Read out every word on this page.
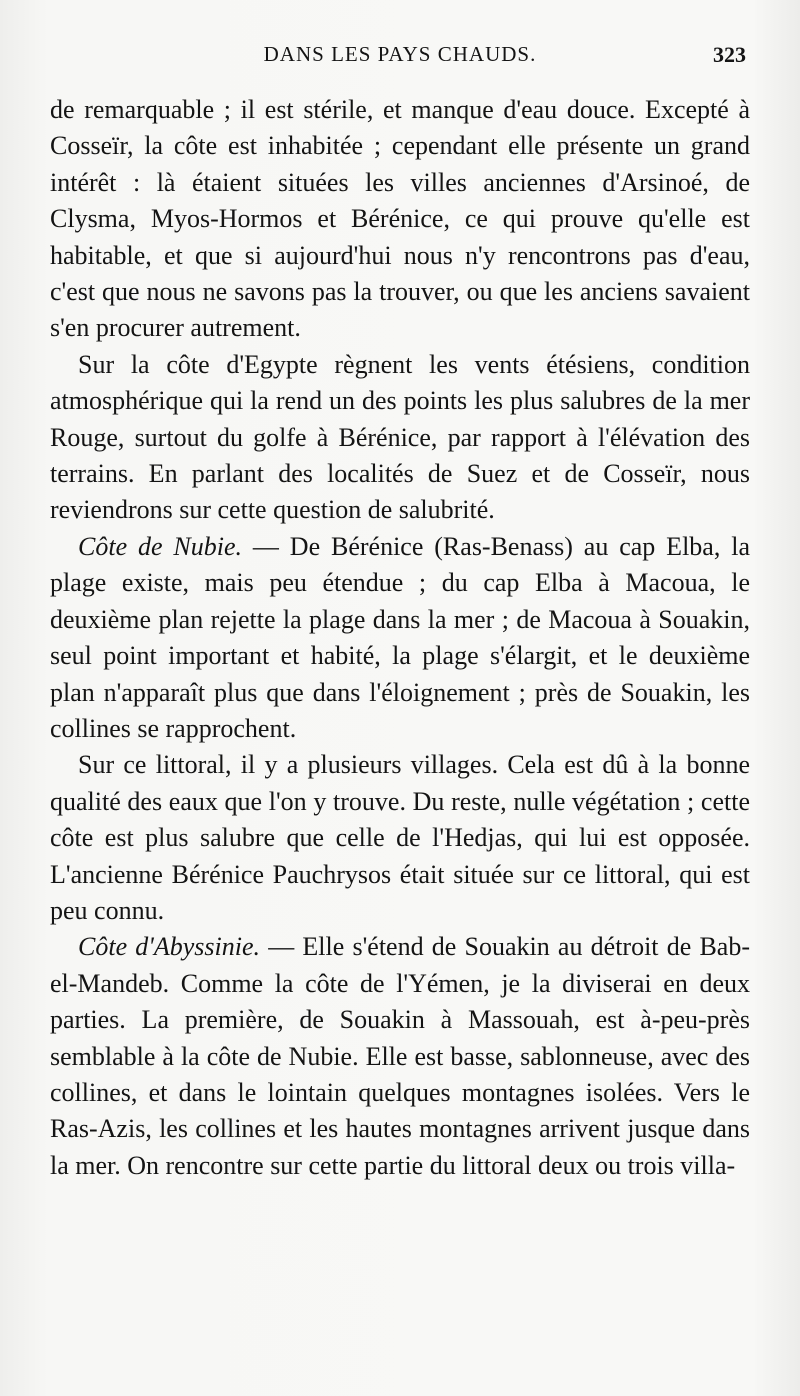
DANS LES PAYS CHAUDS.	323

de remarquable ; il est stérile, et manque d'eau douce. Excepté à Cosseïr, la côte est inhabitée ; cependant elle présente un grand intérêt : là étaient situées les villes anciennes d'Arsinoé, de Clysma, Myos-Hormos et Bérénice, ce qui prouve qu'elle est habitable, et que si aujourd'hui nous n'y rencontrons pas d'eau, c'est que nous ne savons pas la trouver, ou que les anciens savaient s'en procurer autrement.

Sur la côte d'Egypte règnent les vents étésiens, condition atmosphérique qui la rend un des points les plus salubres de la mer Rouge, surtout du golfe à Bérénice, par rapport à l'élévation des terrains. En parlant des localités de Suez et de Cosseïr, nous reviendrons sur cette question de salubrité.

Côte de Nubie. — De Bérénice (Ras-Benass) au cap Elba, la plage existe, mais peu étendue ; du cap Elba à Macoua, le deuxième plan rejette la plage dans la mer ; de Macoua à Souakin, seul point important et habité, la plage s'élargit, et le deuxième plan n'apparaît plus que dans l'éloignement ; près de Souakin, les collines se rapprochent.

Sur ce littoral, il y a plusieurs villages. Cela est dû à la bonne qualité des eaux que l'on y trouve. Du reste, nulle végétation ; cette côte est plus salubre que celle de l'Hedjas, qui lui est opposée. L'ancienne Bérénice Pauchrysos était située sur ce littoral, qui est peu connu.

Côte d'Abyssinie. — Elle s'étend de Souakin au détroit de Bab-el-Mandeb. Comme la côte de l'Yémen, je la diviserai en deux parties. La première, de Souakin à Massouah, est à-peu-près semblable à la côte de Nubie. Elle est basse, sablonneuse, avec des collines, et dans le lointain quelques montagnes isolées. Vers le Ras-Azis, les collines et les hautes montagnes arrivent jusque dans la mer. On rencontre sur cette partie du littoral deux ou trois villa-
